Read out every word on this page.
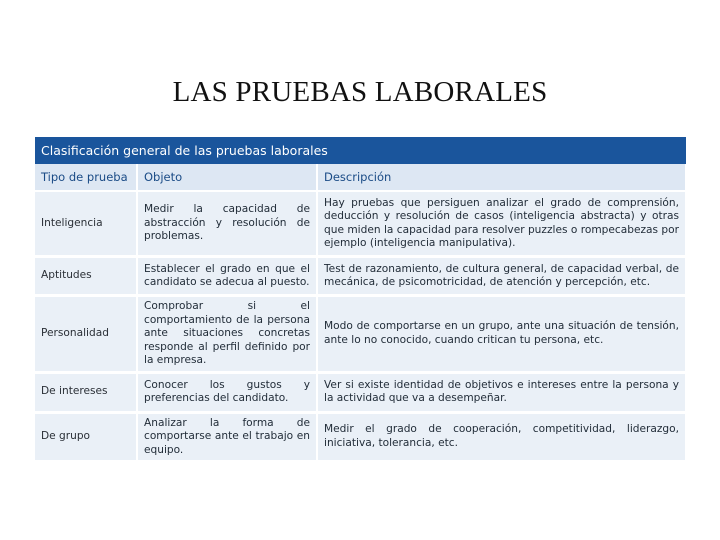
LAS PRUEBAS LABORALES
Clasificación general de las pruebas laborales
Tipo de prueba	Objeto	Descripción
Inteligencia	Medir la capacidad de abstracción y resolución de problemas.	Hay pruebas que persiguen analizar el grado de comprensión, deducción y resolución de casos (inteligencia abstracta) y otras que miden la capacidad para resolver puzzles o rompecabezas por ejemplo (inteligencia manipulativa).
Aptitudes	Establecer el grado en que el candidato se adecua al puesto.	Test de razonamiento, de cultura general, de capacidad verbal, de mecánica, de psicomotricidad, de atención y percepción, etc.
Personalidad	Comprobar si el comportamiento de la persona ante situaciones concretas responde al perfil definido por la empresa.	Modo de comportarse en un grupo, ante una situación de tensión, ante lo no conocido, cuando critican tu persona, etc.
De intereses	Conocer los gustos y preferencias del candidato.	Ver si existe identidad de objetivos e intereses entre la persona y la actividad que va a desempeñar.
De grupo	Analizar la forma de comportarse ante el trabajo en equipo.	Medir el grado de cooperación, competitividad, liderazgo, iniciativa, tolerancia, etc.
